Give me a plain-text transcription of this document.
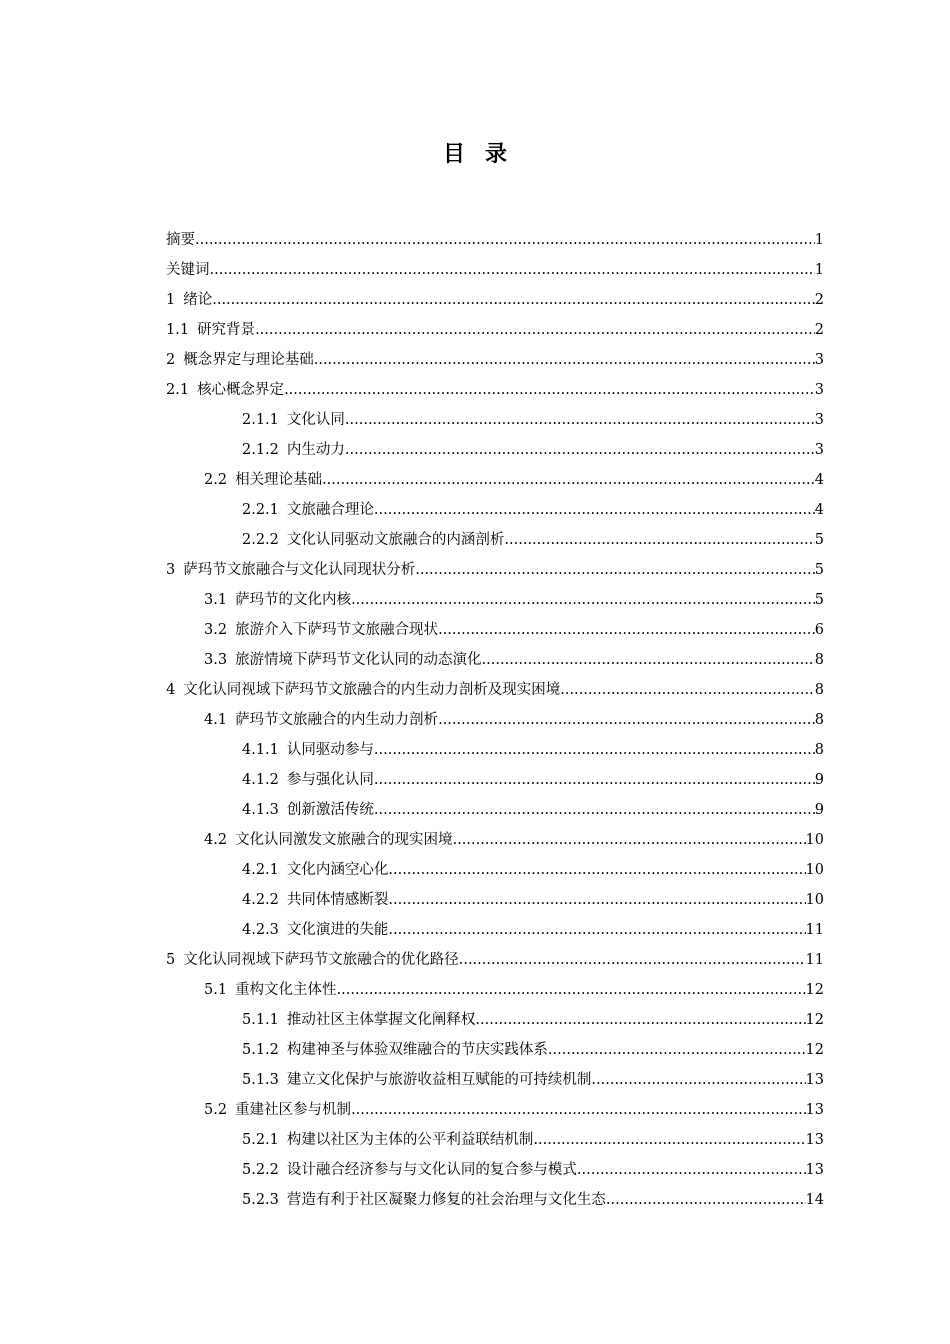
目录
摘要 .....	1
关键词 .....	1
1 绪论 .....	2
1.1 研究背景 .....	2
2 概念界定与理论基础 .....	3
2.1 核心概念界定 .....	3
2.1.1 文化认同 .....	3
2.1.2 内生动力 .....	3
2.2 相关理论基础 .....	4
2.2.1 文旅融合理论 .....	4
2.2.2 文化认同驱动文旅融合的内涵剖析 .....	5
3 萨玛节文旅融合与文化认同现状分析 .....	5
3.1 萨玛节的文化内核 .....	5
3.2 旅游介入下萨玛节文旅融合现状 .....	6
3.3 旅游情境下萨玛节文化认同的动态演化 .....	8
4 文化认同视域下萨玛节文旅融合的内生动力剖析及现实困境 .....	8
4.1 萨玛节文旅融合的内生动力剖析 .....	8
4.1.1 认同驱动参与 .....	8
4.1.2 参与强化认同 .....	9
4.1.3 创新激活传统 .....	9
4.2 文化认同激发文旅融合的现实困境 .....	10
4.2.1 文化内涵空心化 .....	10
4.2.2 共同体情感断裂 .....	10
4.2.3 文化演进的失能 .....	11
5 文化认同视域下萨玛节文旅融合的优化路径 .....	11
5.1 重构文化主体性 .....	12
5.1.1 推动社区主体掌握文化阐释权 .....	12
5.1.2 构建神圣与体验双维融合的节庆实践体系 .....	12
5.1.3 建立文化保护与旅游收益相互赋能的可持续机制 .....	13
5.2 重建社区参与机制 .....	13
5.2.1 构建以社区为主体的公平利益联结机制 .....	13
5.2.2 设计融合经济参与与文化认同的复合参与模式 .....	13
5.2.3 营造有利于社区凝聚力修复的社会治理与文化生态 .....	14
